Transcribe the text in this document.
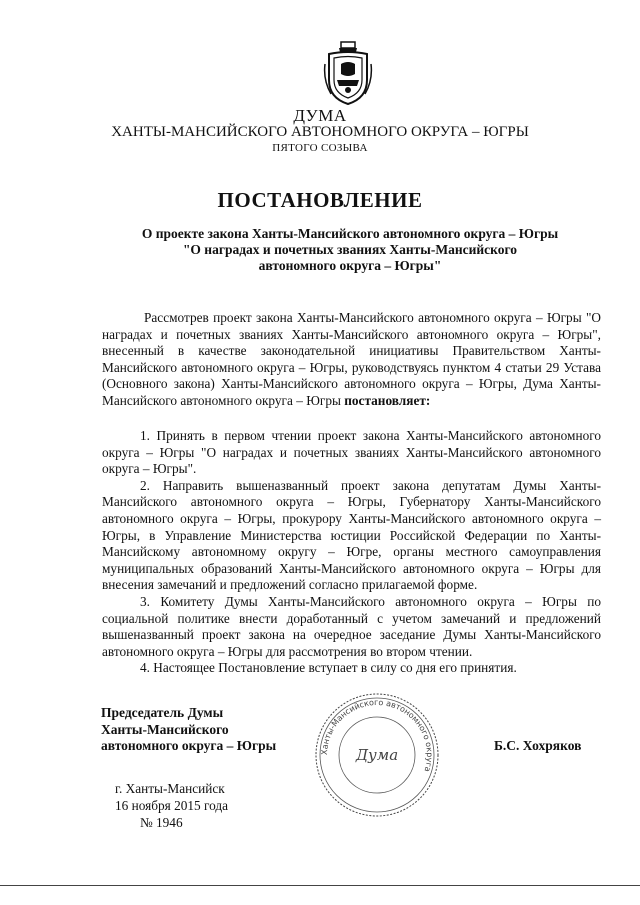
ДУМА
ХАНТЫ-МАНСИЙСКОГО АВТОНОМНОГО ОКРУГА – ЮГРЫ
ПЯТОГО СОЗЫВА
ПОСТАНОВЛЕНИЕ
О проекте закона Ханты-Мансийского автономного округа – Югры
"О наградах и почетных званиях Ханты-Мансийского
автономного округа – Югры"
Рассмотрев проект закона Ханты-Мансийского автономного округа – Югры "О наградах и почетных званиях Ханты-Мансийского автономного округа – Югры", внесенный в качестве законодательной инициативы Правительством Ханты-Мансийского автономного округа – Югры, руководствуясь пунктом 4 статьи 29 Устава (Основного закона) Ханты-Мансийского автономного округа – Югры, Дума Ханты-Мансийского автономного округа – Югры постановляет:

1. Принять в первом чтении проект закона Ханты-Мансийского автономного округа – Югры "О наградах и почетных званиях Ханты-Мансийского автономного округа – Югры".

2. Направить вышеназванный проект закона депутатам Думы Ханты-Мансийского автономного округа – Югры, Губернатору Ханты-Мансийского автономного округа – Югры, прокурору Ханты-Мансийского автономного округа – Югры, в Управление Министерства юстиции Российской Федерации по Ханты-Мансийскому автономному округу – Югре, органы местного самоуправления муниципальных образований Ханты-Мансийского автономного округа – Югры для внесения замечаний и предложений согласно прилагаемой форме.

3. Комитету Думы Ханты-Мансийского автономного округа – Югры по социальной политике внести доработанный с учетом замечаний и предложений вышеназванный проект закона на очередное заседание Думы Ханты-Мансийского автономного округа – Югры для рассмотрения во втором чтении.

4. Настоящее Постановление вступает в силу со дня его принятия.

Председатель Думы
Ханты-Мансийского
автономного округа – Югры	Ханты-Мансийского автономного округа
Дума
Б.С. Хохряков
г. Ханты-Мансийск
16 ноября 2015 года
№ 1946
